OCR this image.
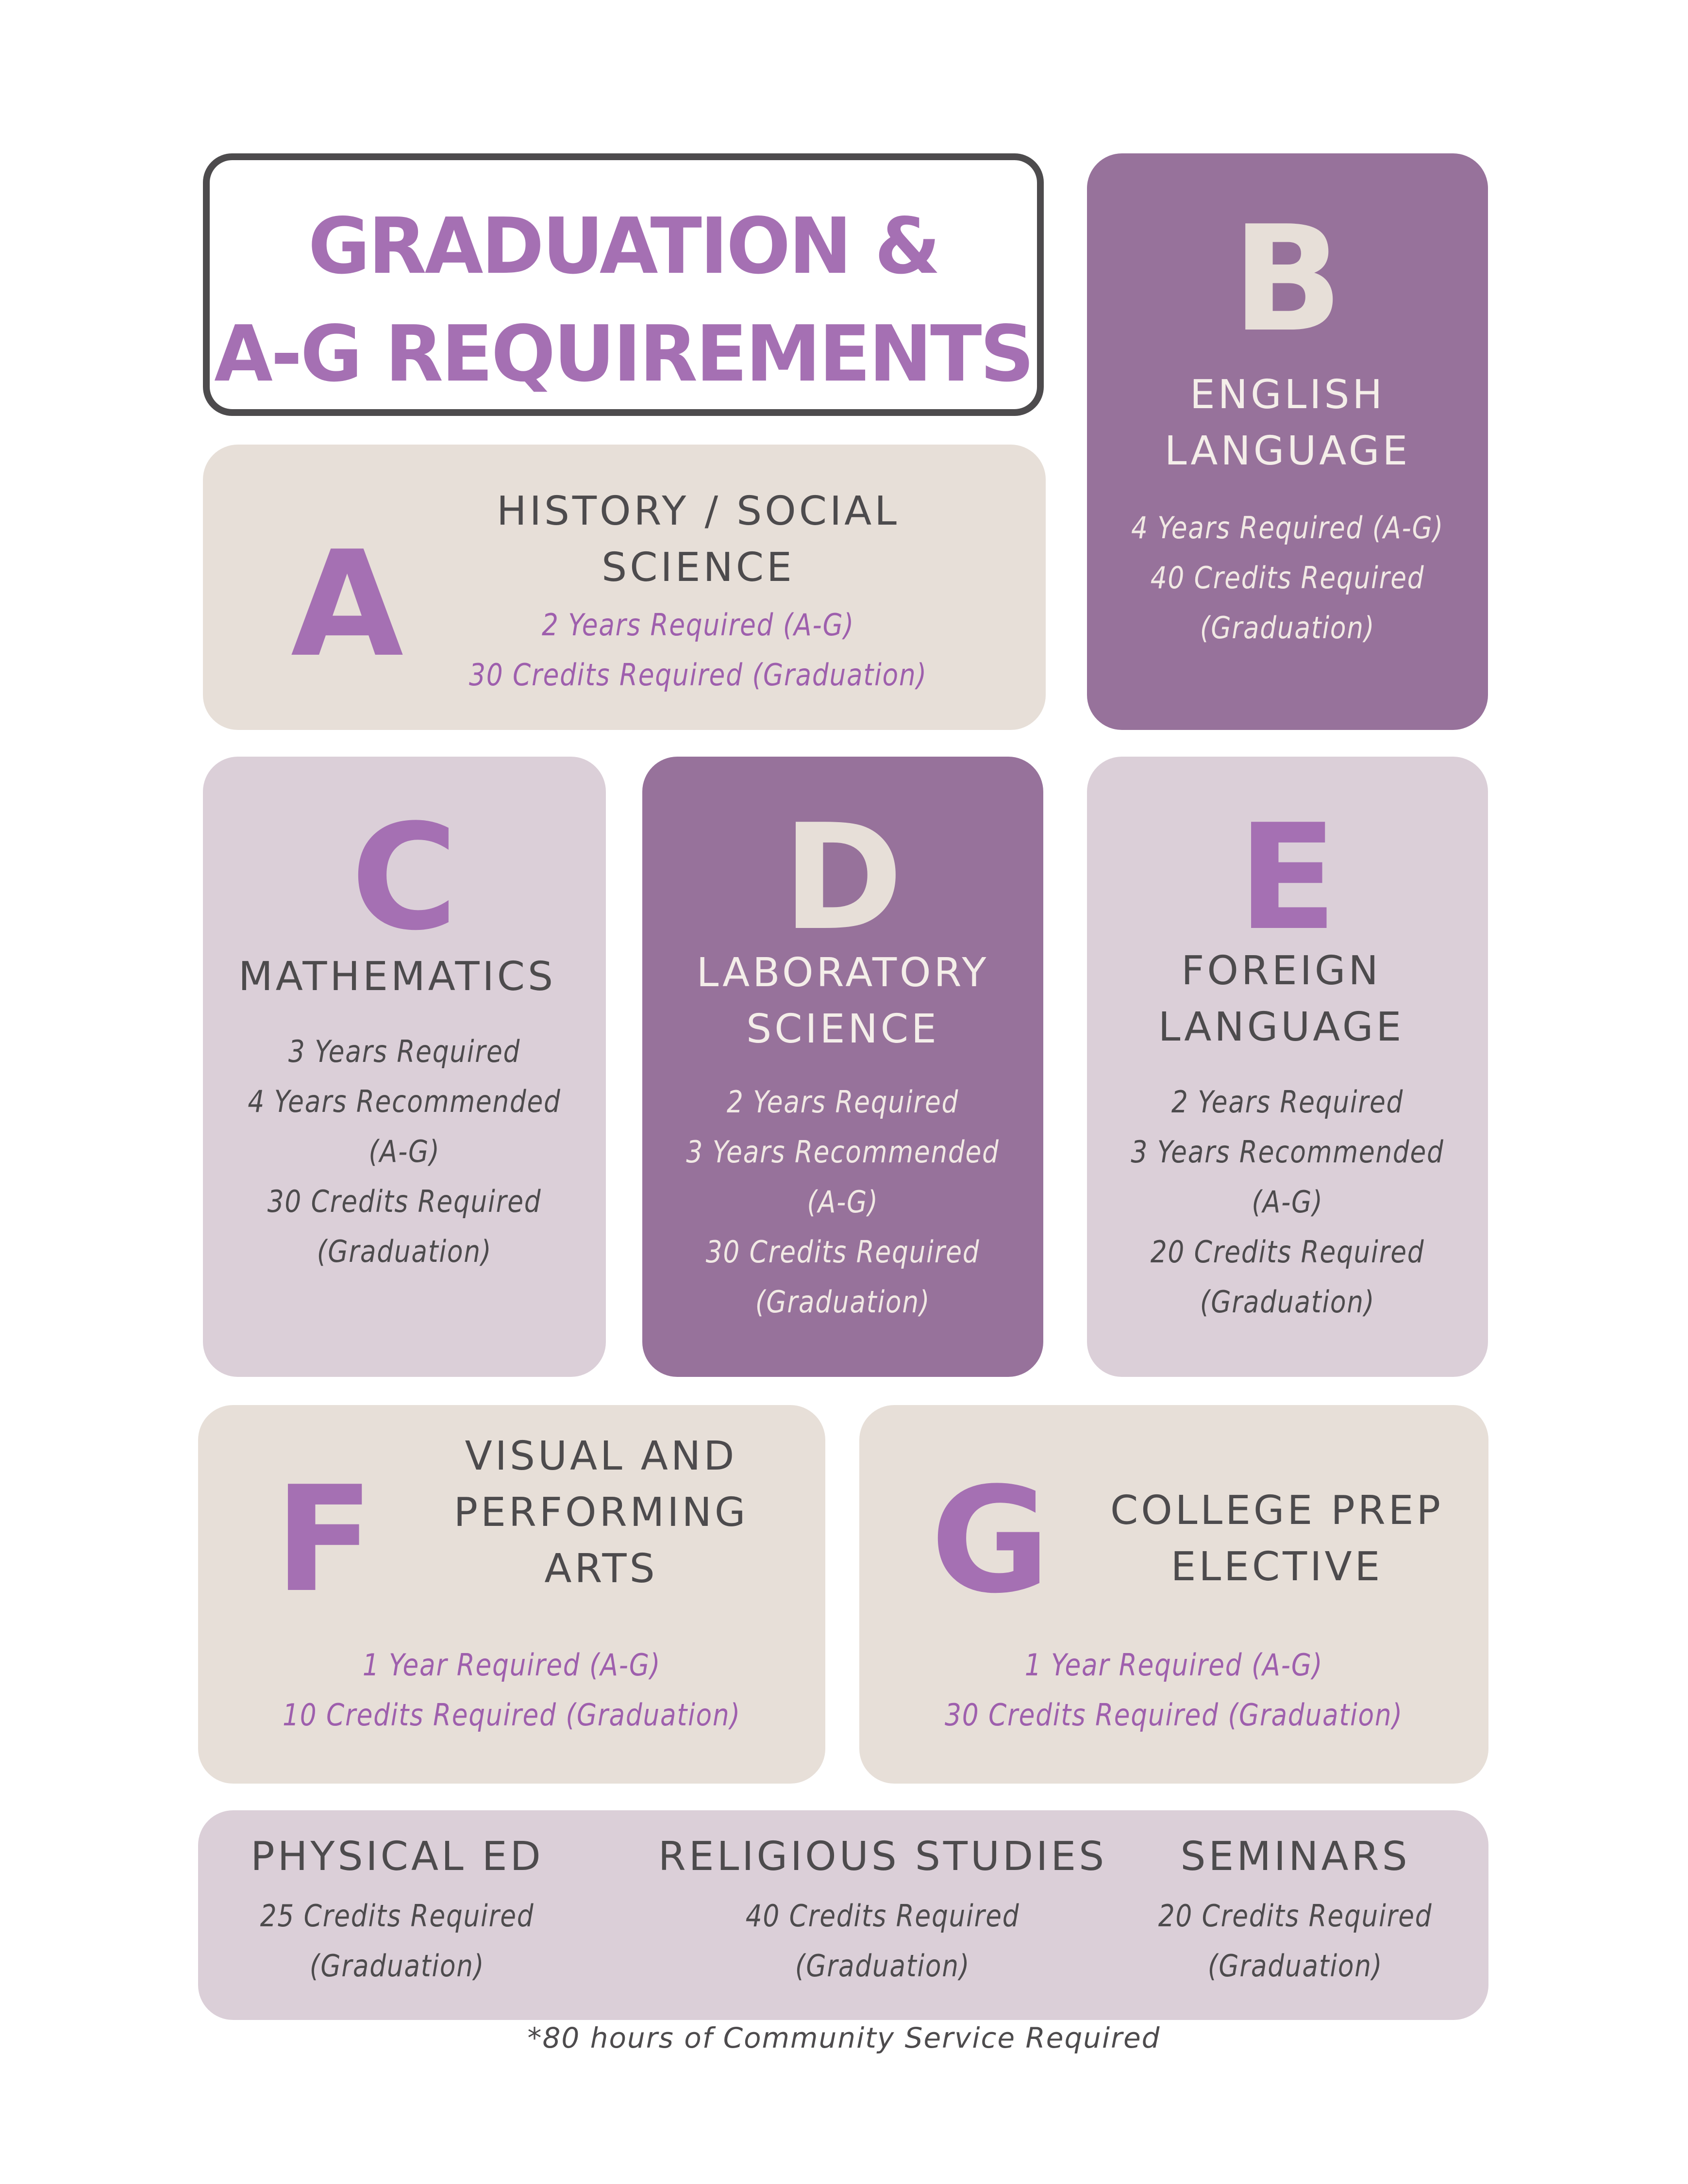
GRADUATION &
A-G REQUIREMENTS
A
HISTORY / SOCIAL
SCIENCE
2 Years Required (A-G)
30 Credits Required (Graduation)
B
ENGLISH
LANGUAGE
4 Years Required (A-G)
40 Credits Required
(Graduation)
C
MATHEMATICS
3 Years Required
4 Years Recommended
(A-G)
30 Credits Required
(Graduation)
D
LABORATORY
SCIENCE
2 Years Required
3 Years Recommended
(A-G)
30 Credits Required
(Graduation)
E
FOREIGN
LANGUAGE
2 Years Required
3 Years Recommended
(A-G)
20 Credits Required
(Graduation)
F	VISUAL AND
PERFORMING
ARTS
1 Year Required (A-G)
10 Credits Required (Graduation)
G	COLLEGE PREP
ELECTIVE
1 Year Required (A-G)
30 Credits Required (Graduation)
PHYSICAL ED
25 Credits Required
(Graduation)
RELIGIOUS STUDIES
40 Credits Required
(Graduation)
SEMINARS
20 Credits Required
(Graduation)
*80 hours of Community Service Required
